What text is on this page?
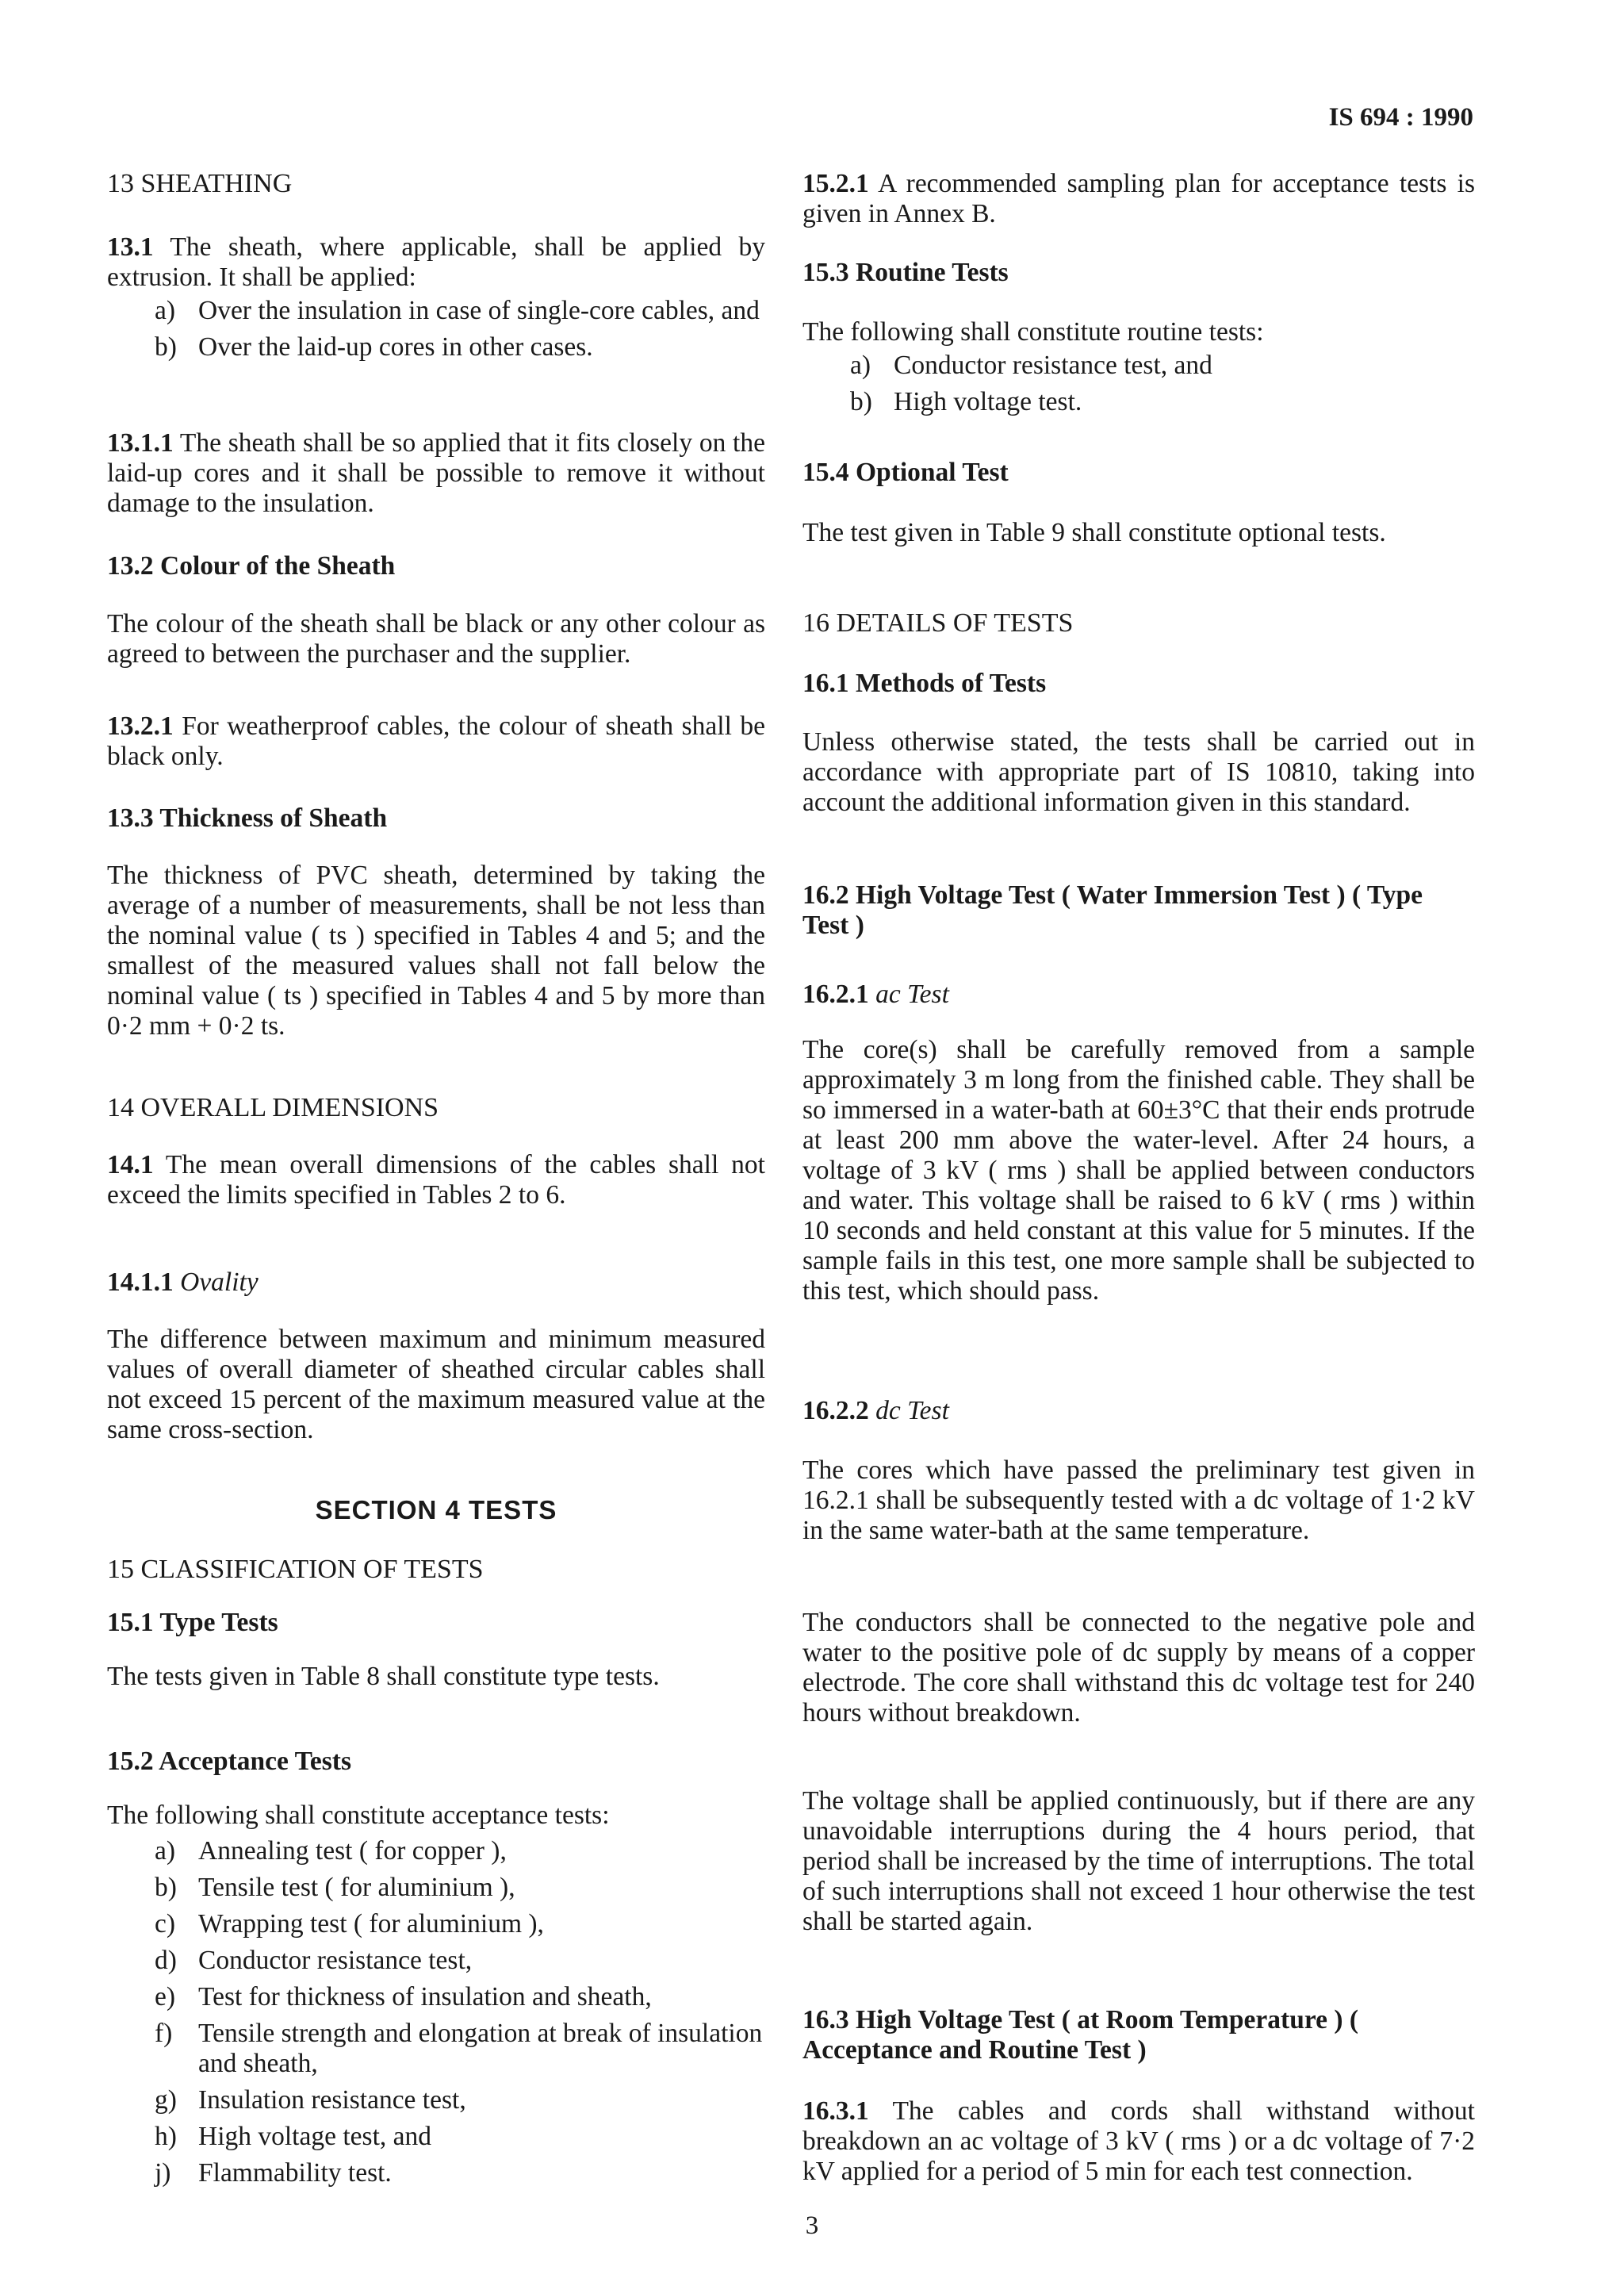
IS 694 : 1990
13 SHEATHING

13.1 The sheath, where applicable, shall be applied by extrusion. It shall be applied:

a) Over the insulation in case of single-core cables, and
b) Over the laid-up cores in other cases.

13.1.1 The sheath shall be so applied that it fits closely on the laid-up cores and it shall be possible to remove it without damage to the insulation.

13.2 Colour of the Sheath

The colour of the sheath shall be black or any other colour as agreed to between the purchaser and the supplier.

13.2.1 For weatherproof cables, the colour of sheath shall be black only.

13.3 Thickness of Sheath

The thickness of PVC sheath, determined by taking the average of a number of measurements, shall be not less than the nominal value ( ts ) specified in Tables 4 and 5; and the smallest of the measured values shall not fall below the nominal value ( ts ) specified in Tables 4 and 5 by more than 0·2 mm + 0·2 ts.

14 OVERALL DIMENSIONS

14.1 The mean overall dimensions of the cables shall not exceed the limits specified in Tables 2 to 6.

14.1.1 Ovality

The difference between maximum and minimum measured values of overall diameter of sheathed circular cables shall not exceed 15 percent of the maximum measured value at the same cross-section.

SECTION 4 TESTS
15 CLASSIFICATION OF TESTS
15.1 Type Tests

The tests given in Table 8 shall constitute type tests.

15.2 Acceptance Tests

The following shall constitute acceptance tests:

a) Annealing test ( for copper ),
b) Tensile test ( for aluminium ),
c) Wrapping test ( for aluminium ),
d) Conductor resistance test,
e) Test for thickness of insulation and sheath,
f) Tensile strength and elongation at break of insulation and sheath,
g) Insulation resistance test,
h) High voltage test, and
j) Flammability test.

15.2.1 A recommended sampling plan for acceptance tests is given in Annex B.

15.3 Routine Tests

The following shall constitute routine tests:

a) Conductor resistance test, and
b) High voltage test.
15.4 Optional Test

The test given in Table 9 shall constitute optional tests.

16 DETAILS OF TESTS
16.1 Methods of Tests

Unless otherwise stated, the tests shall be carried out in accordance with appropriate part of IS 10810, taking into account the additional information given in this standard.

16.2 High Voltage Test ( Water Immersion Test ) ( Type Test )
16.2.1 ac Test

The core(s) shall be carefully removed from a sample approximately 3 m long from the finished cable. They shall be so immersed in a water-bath at 60±3°C that their ends protrude at least 200 mm above the water-level. After 24 hours, a voltage of 3 kV ( rms ) shall be applied between conductors and water. This voltage shall be raised to 6 kV ( rms ) within 10 seconds and held constant at this value for 5 minutes. If the sample fails in this test, one more sample shall be subjected to this test, which should pass.

16.2.2 dc Test

The cores which have passed the preliminary test given in 16.2.1 shall be subsequently tested with a dc voltage of 1·2 kV in the same water-bath at the same temperature.

The conductors shall be connected to the negative pole and water to the positive pole of dc supply by means of a copper electrode. The core shall withstand this dc voltage test for 240 hours without breakdown.

The voltage shall be applied continuously, but if there are any unavoidable interruptions during the 4 hours period, that period shall be increased by the time of interruptions. The total of such interruptions shall not exceed 1 hour otherwise the test shall be started again.

16.3 High Voltage Test ( at Room Temperature ) ( Acceptance and Routine Test )

16.3.1 The cables and cords shall withstand without breakdown an ac voltage of 3 kV ( rms ) or a dc voltage of 7·2 kV applied for a period of 5 min for each test connection.

3
